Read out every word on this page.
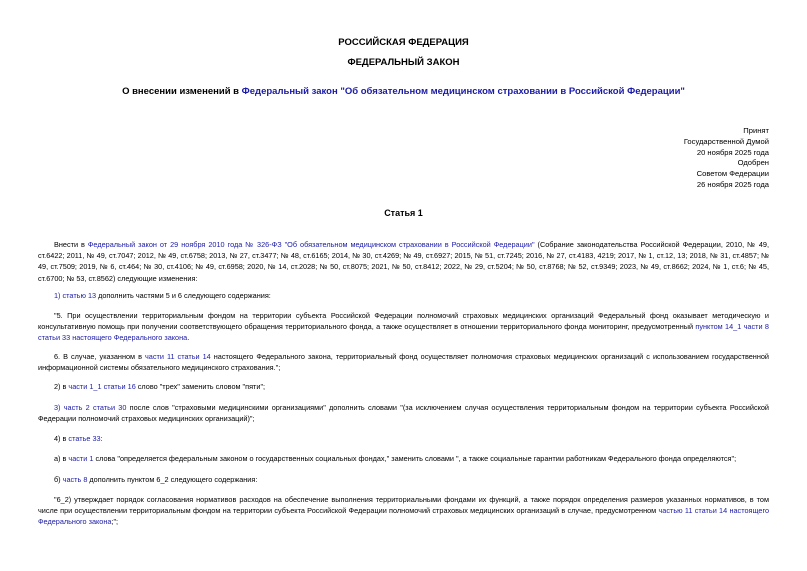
РОССИЙСКАЯ ФЕДЕРАЦИЯ
ФЕДЕРАЛЬНЫЙ ЗАКОН
О внесении изменений в Федеральный закон "Об обязательном медицинском страховании в Российской Федерации"
Принят
Государственной Думой
20 ноября 2025 года
Одобрен
Советом Федерации
26 ноября 2025 года
Статья 1
Внести в Федеральный закон от 29 ноября 2010 года № 326-ФЗ "Об обязательном медицинском страховании в Российской Федерации" (Собрание законодательства Российской Федерации, 2010, № 49, ст.6422; 2011, № 49, ст.7047; 2012, № 49, ст.6758; 2013, № 27, ст.3477; № 48, ст.6165; 2014, № 30, ст.4269; № 49, ст.6927; 2015, № 51, ст.7245; 2016, № 27, ст.4183, 4219; 2017, № 1, ст.12, 13; 2018, № 31, ст.4857; № 49, ст.7509; 2019, № 6, ст.464; № 30, ст.4106; № 49, ст.6958; 2020, № 14, ст.2028; № 50, ст.8075; 2021, № 50, ст.8412; 2022, № 29, ст.5204; № 50, ст.8768; № 52, ст.9349; 2023, № 49, ст.8662; 2024, № 1, ст.6; № 45, ст.6700; № 53, ст.8562) следующие изменения:
1) статью 13 дополнить частями 5 и 6 следующего содержания:
"5. При осуществлении территориальным фондом на территории субъекта Российской Федерации полномочий страховых медицинских организаций Федеральный фонд оказывает методическую и консультативную помощь при получении соответствующего обращения территориального фонда, а также осуществляет в отношении территориального фонда мониторинг, предусмотренный пунктом 14_1 части 8 статьи 33 настоящего Федерального закона.
6. В случае, указанном в части 11 статьи 14 настоящего Федерального закона, территориальный фонд осуществляет полномочия страховых медицинских организаций с использованием государственной информационной системы обязательного медицинского страхования.";
2) в части 1_1 статьи 16 слово "трех" заменить словом "пяти";
3) часть 2 статьи 30 после слов "страховыми медицинскими организациями" дополнить словами "(за исключением случая осуществления территориальным фондом на территории субъекта Российской Федерации полномочий страховых медицинских организаций)";
4) в статье 33:
а) в части 1 слова "определяется федеральным законом о государственных социальных фондах," заменить словами ", а также социальные гарантии работникам Федерального фонда определяются";
б) часть 8 дополнить пунктом 6_2 следующего содержания:
"6_2) утверждает порядок согласования нормативов расходов на обеспечение выполнения территориальными фондами их функций, а также порядок определения размеров указанных нормативов, в том числе при осуществлении территориальным фондом на территории субъекта Российской Федерации полномочий страховых медицинских организаций в случае, предусмотренном частью 11 статьи 14 настоящего Федерального закона;";
